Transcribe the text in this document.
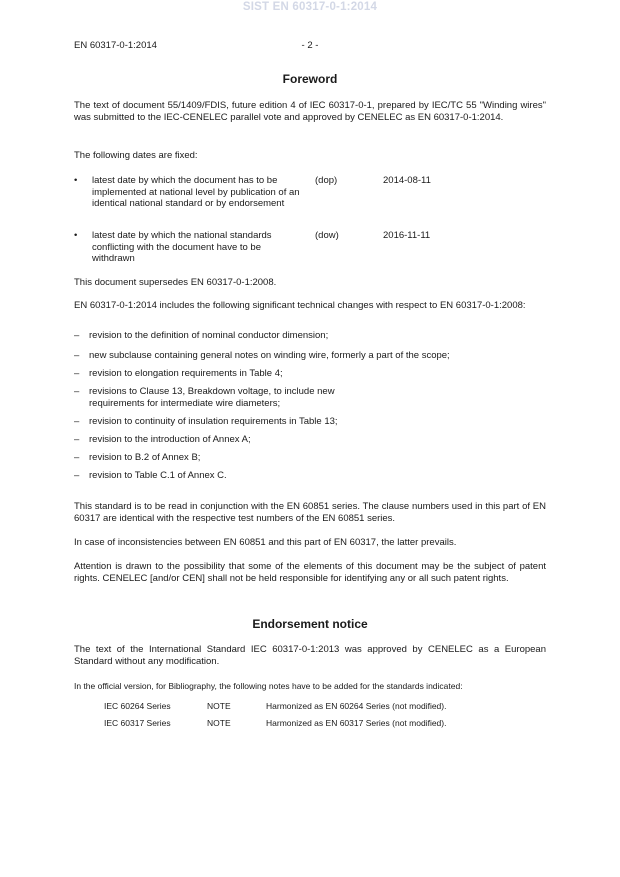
SIST EN 60317-0-1:2014
EN 60317-0-1:2014	- 2 -
Foreword
The text of document 55/1409/FDIS, future edition 4 of IEC 60317-0-1, prepared by IEC/TC 55 "Winding wires" was submitted to the IEC-CENELEC parallel vote and approved by CENELEC as EN 60317-0-1:2014.
The following dates are fixed:
• latest date by which the document has to be implemented at national level by publication of an identical national standard or by endorsement
(dop)	2014-08-11
• latest date by which the national standards conflicting with the document have to be withdrawn
(dow)	2016-11-11
This document supersedes EN 60317-0-1:2008.
EN 60317-0-1:2014 includes the following significant technical changes with respect to EN 60317-0-1:2008:
– revision to the definition of nominal conductor dimension;
– new subclause containing general notes on winding wire, formerly a part of the scope;
– revision to elongation requirements in Table 4;
– revisions to Clause 13, Breakdown voltage, to include new requirements for intermediate wire diameters;
– revision to continuity of insulation requirements in Table 13;
– revision to the introduction of Annex A;
– revision to B.2 of Annex B;
– revision to Table C.1 of Annex C.
This standard is to be read in conjunction with the EN 60851 series. The clause numbers used in this part of EN 60317 are identical with the respective test numbers of the EN 60851 series.
In case of inconsistencies between EN 60851 and this part of EN 60317, the latter prevails.
Attention is drawn to the possibility that some of the elements of this document may be the subject of patent rights. CENELEC [and/or CEN] shall not be held responsible for identifying any or all such patent rights.
Endorsement notice
The text of the International Standard IEC 60317-0-1:2013 was approved by CENELEC as a European Standard without any modification.
In the official version, for Bibliography, the following notes have to be added for the standards indicated:
IEC 60264 Series	NOTE	Harmonized as EN 60264 Series (not modified).
IEC 60317 Series	NOTE	Harmonized as EN 60317 Series (not modified).
